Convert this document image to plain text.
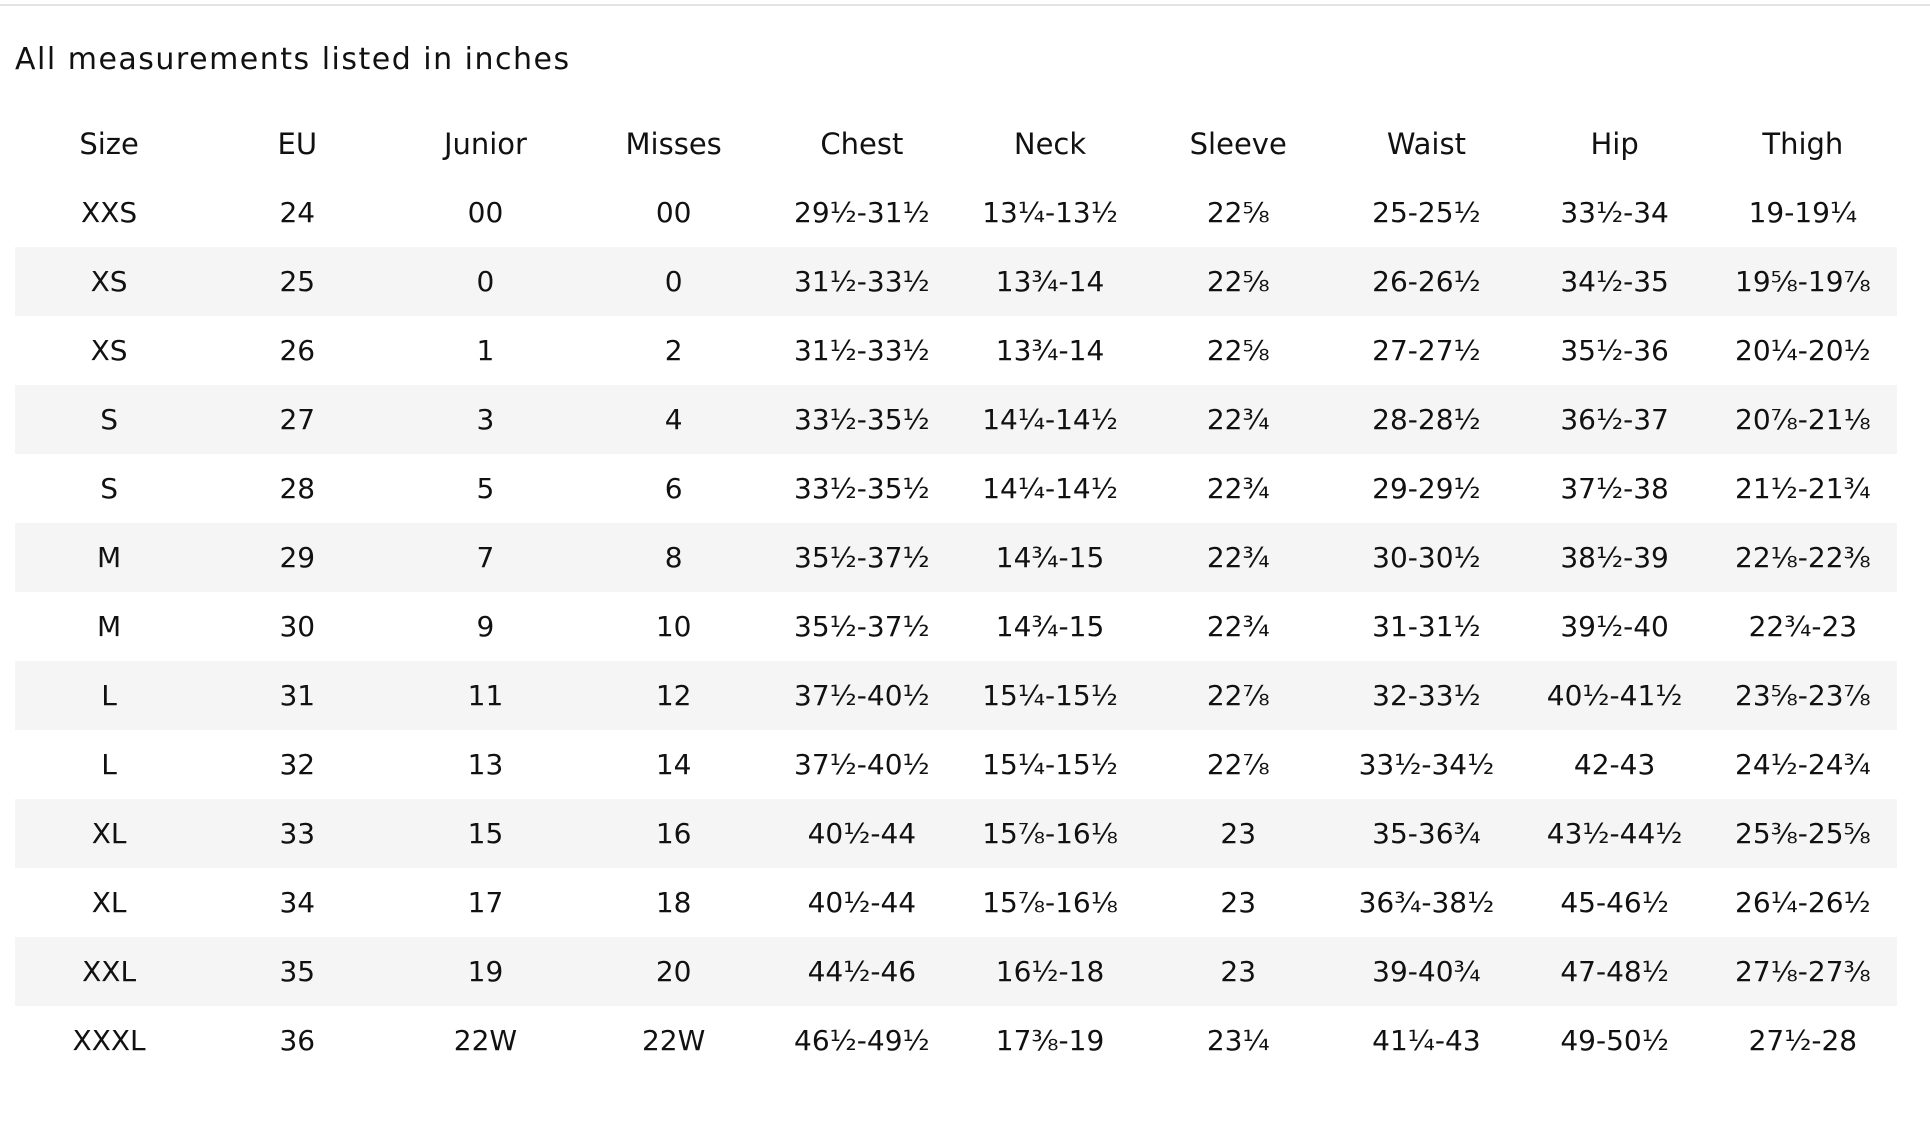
All measurements listed in inches
Size	EU	Junior	Misses	Chest	Neck	Sleeve	Waist	Hip	Thigh
XXS	24	00	00	29½-31½	13¼-13½	22⅝	25-25½	33½-34	19-19¼
XS	25	0	0	31½-33½	13¾-14	22⅝	26-26½	34½-35	19⅝-19⅞
XS	26	1	2	31½-33½	13¾-14	22⅝	27-27½	35½-36	20¼-20½
S	27	3	4	33½-35½	14¼-14½	22¾	28-28½	36½-37	20⅞-21⅛
S	28	5	6	33½-35½	14¼-14½	22¾	29-29½	37½-38	21½-21¾
M	29	7	8	35½-37½	14¾-15	22¾	30-30½	38½-39	22⅛-22⅜
M	30	9	10	35½-37½	14¾-15	22¾	31-31½	39½-40	22¾-23
L	31	11	12	37½-40½	15¼-15½	22⅞	32-33½	40½-41½	23⅝-23⅞
L	32	13	14	37½-40½	15¼-15½	22⅞	33½-34½	42-43	24½-24¾
XL	33	15	16	40½-44	15⅞-16⅛	23	35-36¾	43½-44½	25⅜-25⅝
XL	34	17	18	40½-44	15⅞-16⅛	23	36¾-38½	45-46½	26¼-26½
XXL	35	19	20	44½-46	16½-18	23	39-40¾	47-48½	27⅛-27⅜
XXXL	36	22W	22W	46½-49½	17⅜-19	23¼	41¼-43	49-50½	27½-28
